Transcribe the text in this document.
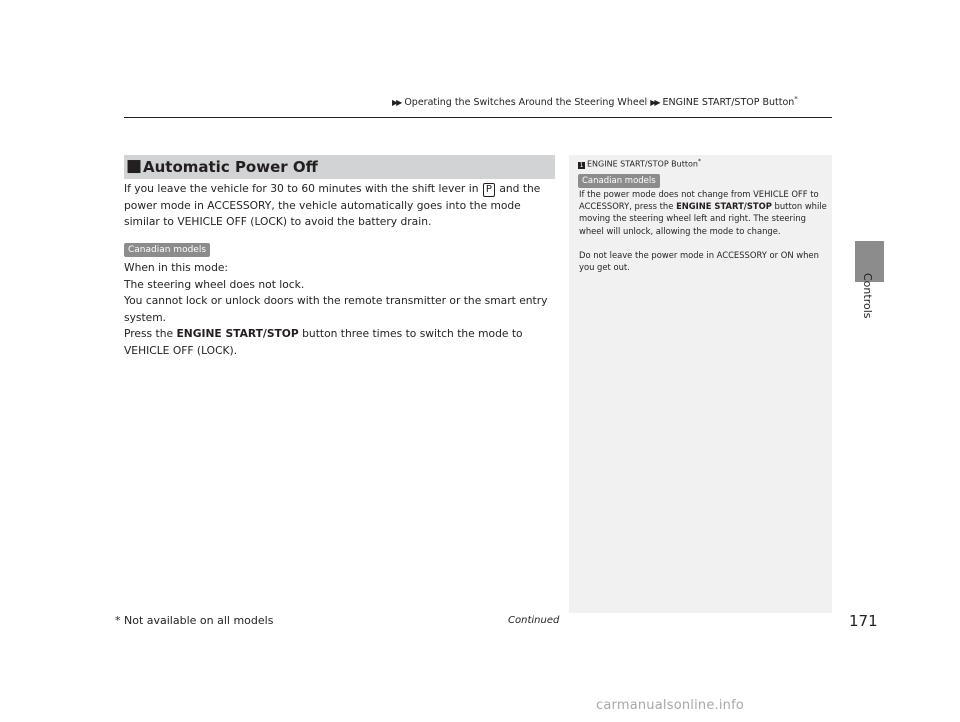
▶▶ Operating the Switches Around the Steering Wheel ▶▶ ENGINE START/STOP Button*
Controls
■ Automatic Power Off
If you leave the vehicle for 30 to 60 minutes with the shift lever in P and the power mode in ACCESSORY, the vehicle automatically goes into the mode similar to VEHICLE OFF (LOCK) to avoid the battery drain.
Canadian models
When in this mode:
The steering wheel does not lock.
You cannot lock or unlock doors with the remote transmitter or the smart entry system.
Press the ENGINE START/STOP button three times to switch the mode to VEHICLE OFF (LOCK).
1 ENGINE START/STOP Button*
Canadian models
If the power mode does not change from VEHICLE OFF to ACCESSORY, press the ENGINE START/STOP button while moving the steering wheel left and right. The steering wheel will unlock, allowing the mode to change.
Do not leave the power mode in ACCESSORY or ON when you get out.
* Not available on all models	Continued	171
carmanualsonline.info
